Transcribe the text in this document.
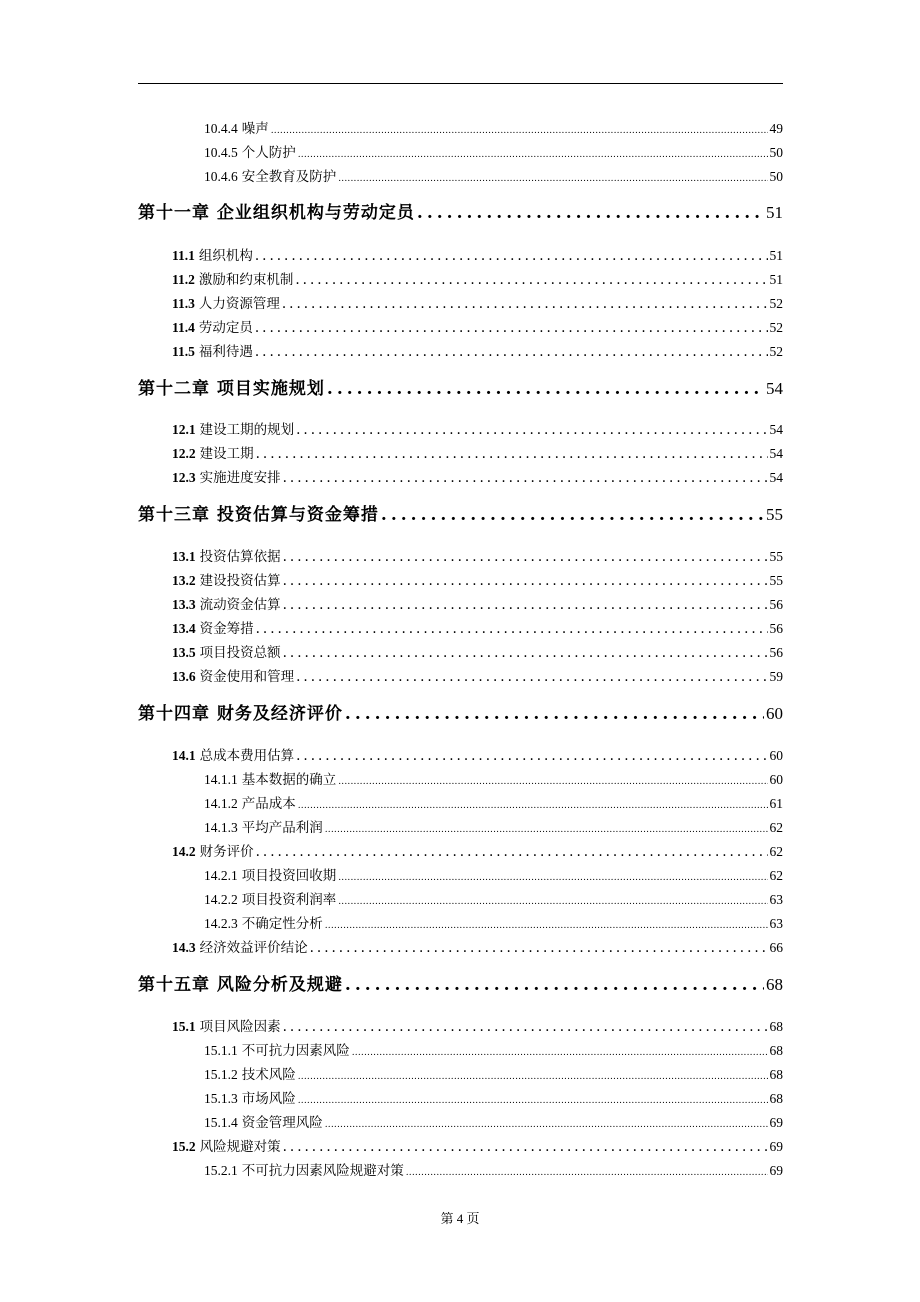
10.4.4 噪声 .....	49
10.4.5 个人防护 .....	50
10.4.6 安全教育及防护 .....	50
第十一章 企业组织机构与劳动定员 .....	51
11.1 组织机构 .....	51
11.2 激励和约束机制 .....	51
11.3 人力资源管理 .....	52
11.4 劳动定员 .....	52
11.5 福利待遇 .....	52
第十二章 项目实施规划 .....	54
12.1 建设工期的规划 .....	54
12.2 建设工期 .....	54
12.3 实施进度安排 .....	54
第十三章 投资估算与资金筹措 .....	55
13.1 投资估算依据 .....	55
13.2 建设投资估算 .....	55
13.3 流动资金估算 .....	56
13.4 资金筹措 .....	56
13.5 项目投资总额 .....	56
13.6 资金使用和管理 .....	59
第十四章 财务及经济评价 .....	60
14.1 总成本费用估算 .....	60
14.1.1 基本数据的确立 .....	60
14.1.2 产品成本 .....	61
14.1.3 平均产品利润 .....	62
14.2 财务评价 .....	62
14.2.1 项目投资回收期 .....	62
14.2.2 项目投资利润率 .....	63
14.2.3 不确定性分析 .....	63
14.3 经济效益评价结论 .....	66
第十五章 风险分析及规避 .....	68
15.1 项目风险因素 .....	68
15.1.1 不可抗力因素风险 .....	68
15.1.2 技术风险 .....	68
15.1.3 市场风险 .....	68
15.1.4 资金管理风险 .....	69
15.2 风险规避对策 .....	69
15.2.1 不可抗力因素风险规避对策 .....	69
第 4 页
